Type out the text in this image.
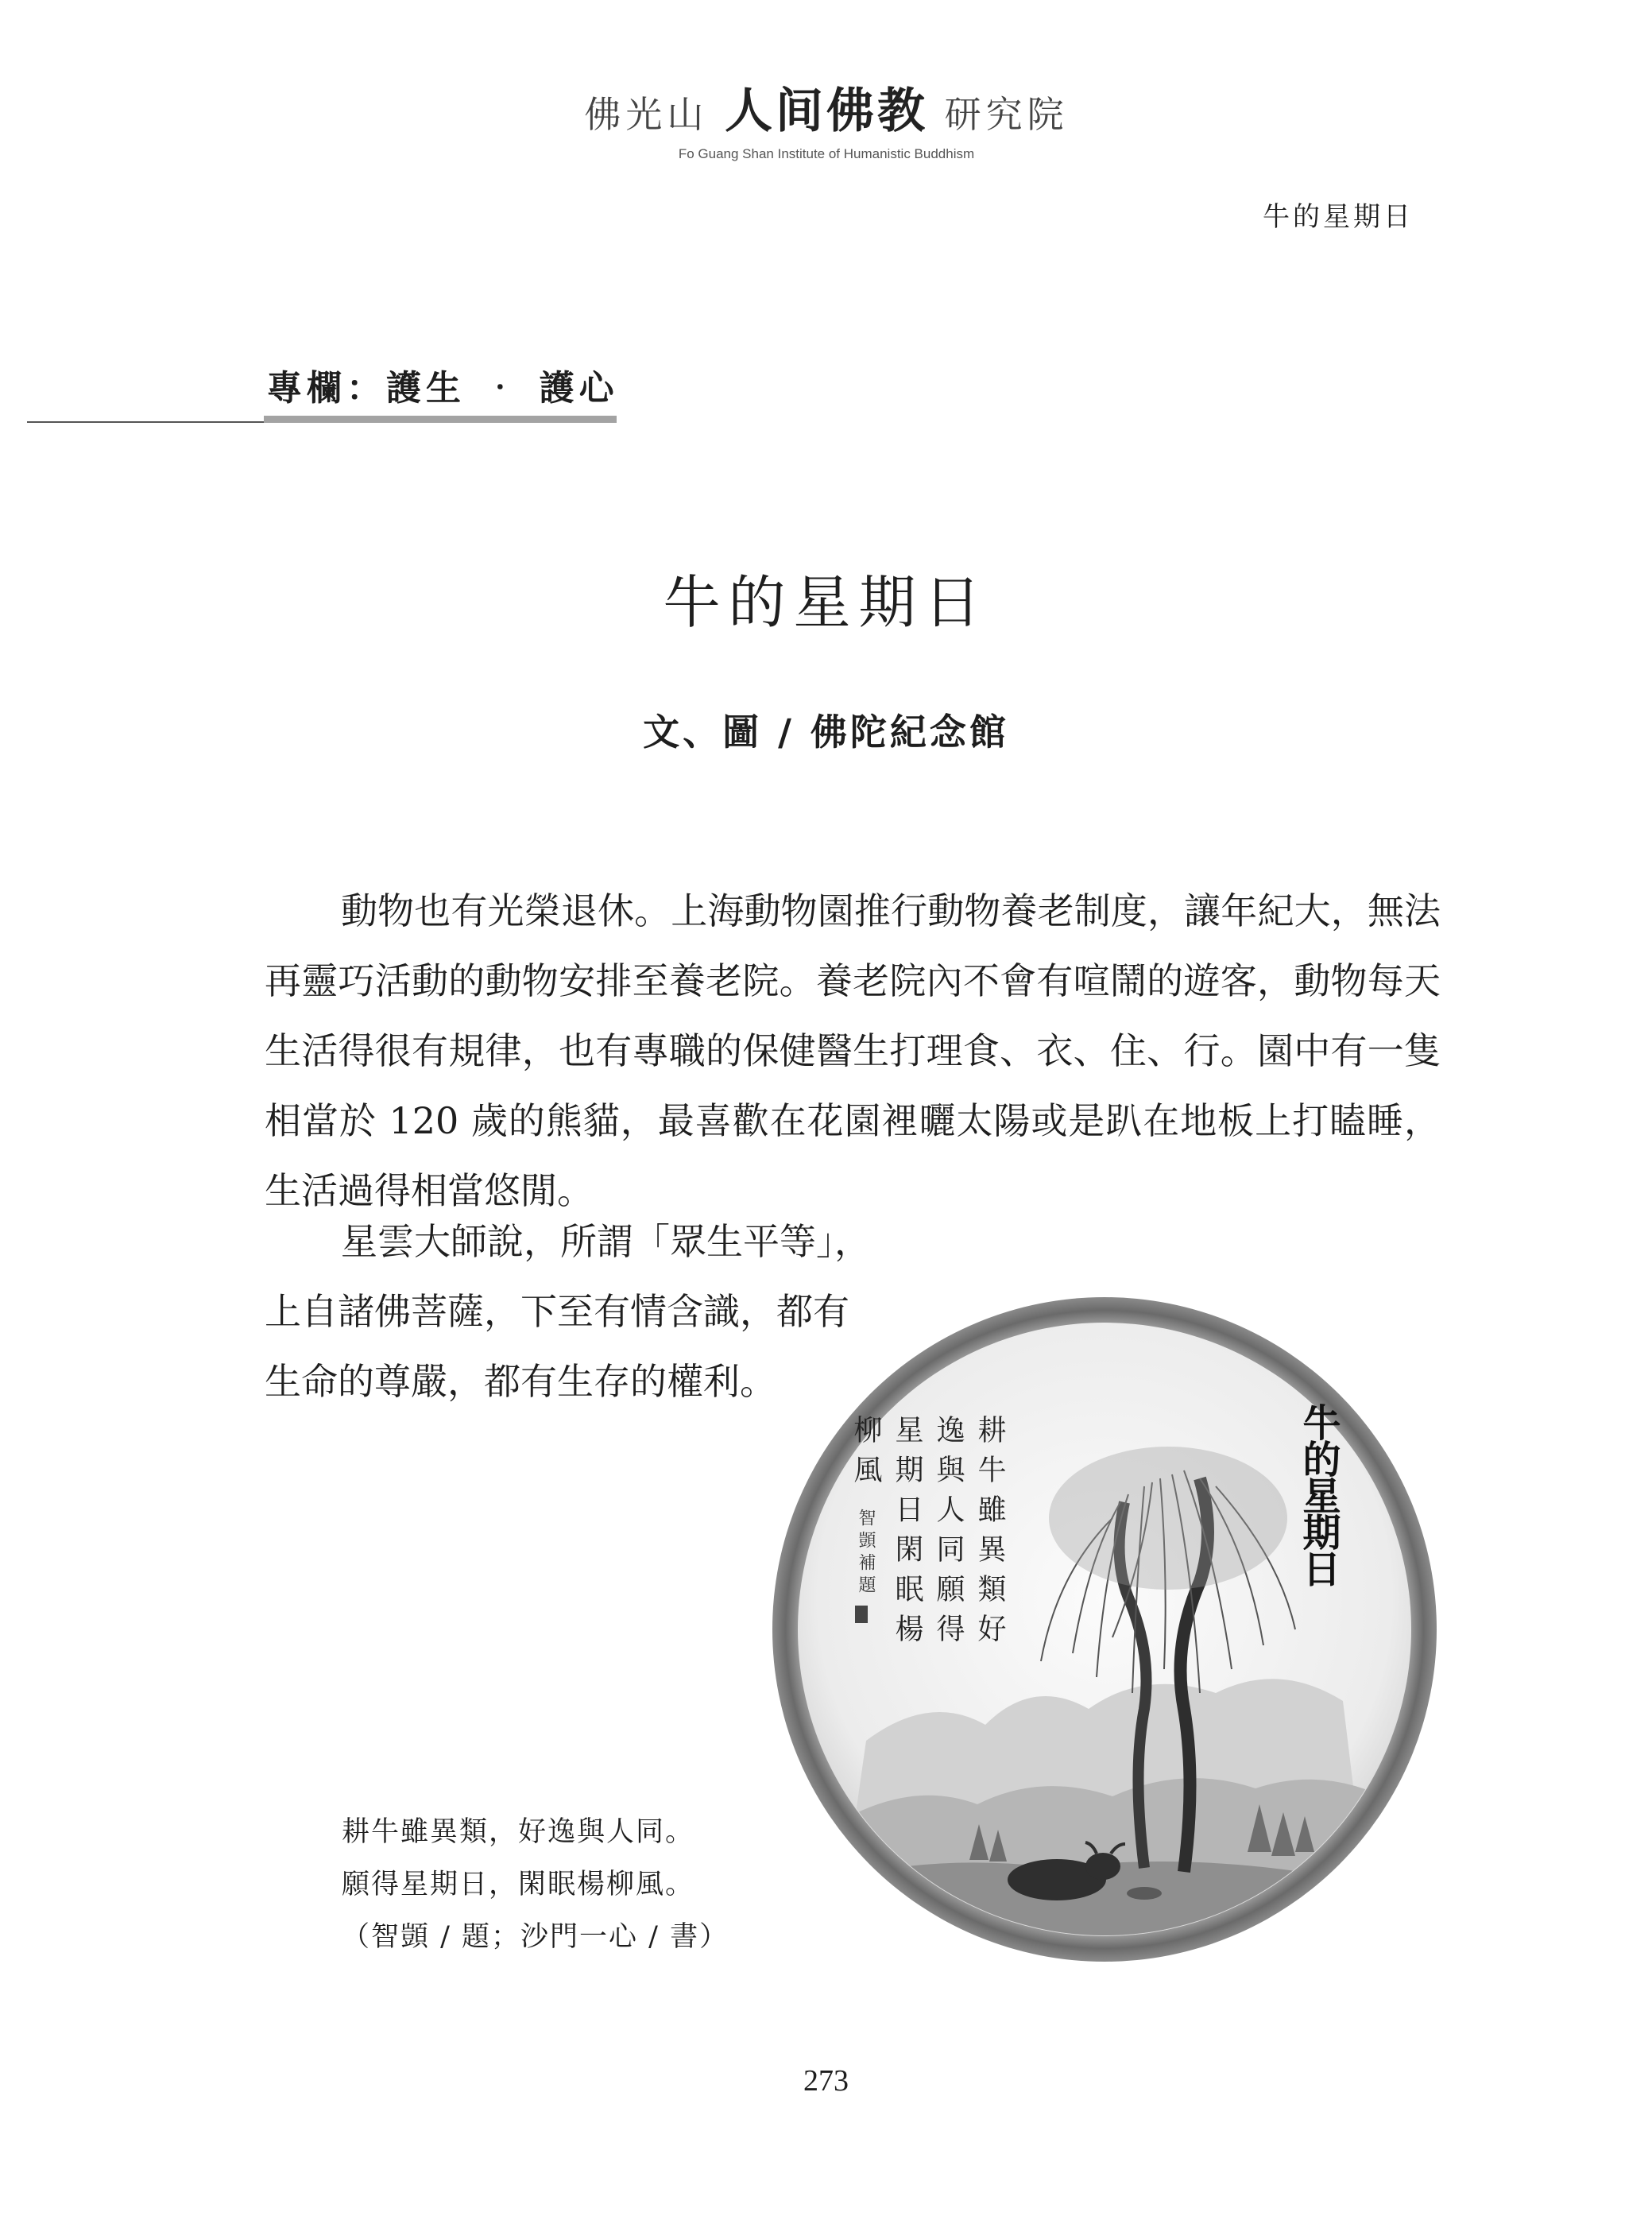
佛光山 人间佛教 研究院
Fo Guang Shan Institute of Humanistic Buddhism
牛的星期日
專欄：護生 ‧ 護心
牛的星期日
文、圖 / 佛陀紀念館
動物也有光榮退休。上海動物園推行動物養老制度，讓年紀大，無法再靈巧活動的動物安排至養老院。養老院內不會有喧鬧的遊客，動物每天生活得很有規律，也有專職的保健醫生打理食、衣、住、行。園中有一隻相當於 120 歲的熊貓，最喜歡在花園裡曬太陽或是趴在地板上打瞌睡，生活過得相當悠閒。
星雲大師說，所謂「眾生平等」，
上自諸佛菩薩，下至有情含識，都有生命的尊嚴，都有生存的權利。
牛的星期日
耕牛雖異類好
逸與人同願得
星期日閑眠楊
柳風
智顗補題
耕牛雖異類，好逸與人同。
願得星期日，閑眠楊柳風。
（智顗 / 題；沙門一心 / 書）
273
